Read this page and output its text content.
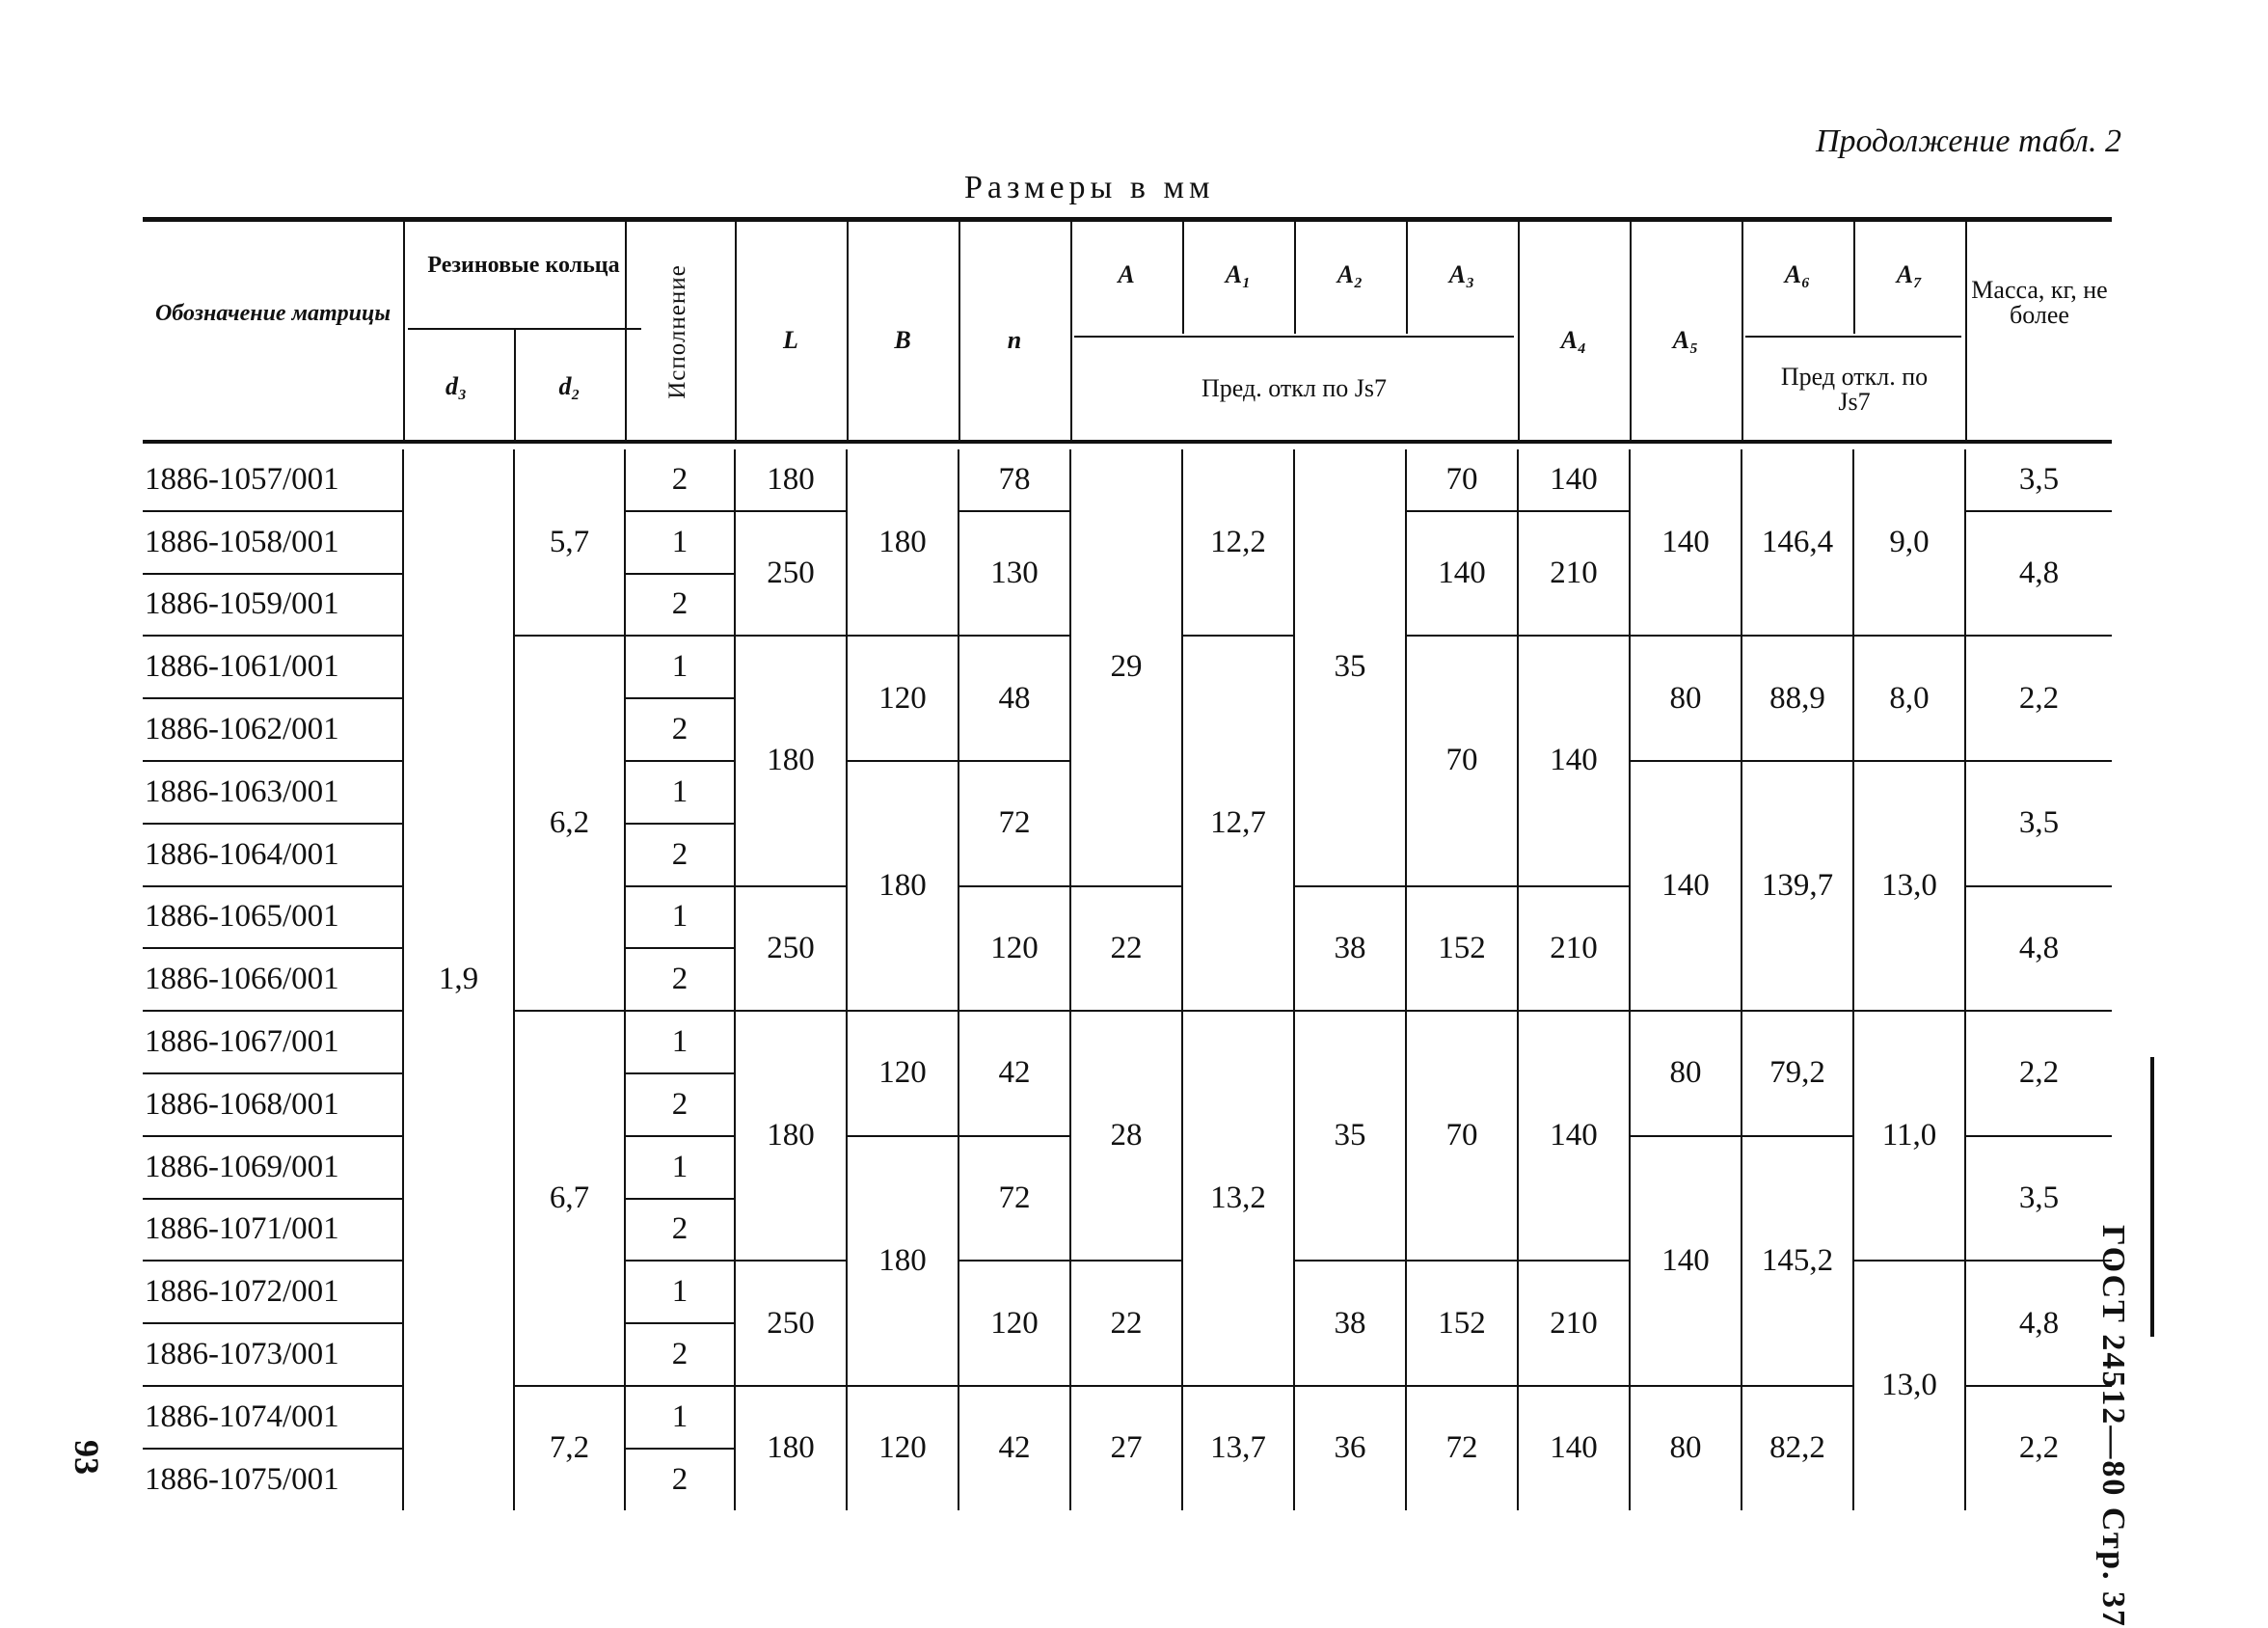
Продолжение табл. 2
Размеры в мм
Обозначение матрицы
Резиновые кольца
d₃	d₂	Исполнение	L	B	n
A	A₁	A₂	A₃
Пред. откл по Js7
A₄	A₅
A₆	A₇
Пред откл. по Js7
Масса, кг, не более
1886-1057/001	1,9	5,7	2	180	180	78	29	12,2	35	70	140	140	146,4	9,0	3,5
1886-1058/001			1	250		130				140	210				4,8
1886-1059/001			2												
1886-1061/001		6,2	1	180	120	48		12,7		70	140	80	88,9	8,0	2,2
1886-1062/001			2												
1886-1063/001			1		180	72						140	139,7	13,0	3,5
1886-1064/001			2												
1886-1065/001			1	250		120	22		38	152	210				4,8
1886-1066/001			2												
1886-1067/001		6,7	1	180	120	42	28	13,2	35	70	140	80	79,2	11,0	2,2
1886-1068/001			2												
1886-1069/001			1		180	72						140	145,2		3,5
1886-1071/001			2												
1886-1072/001			1	250		120	22		38	152	210			13,0	4,8
1886-1073/001			2												
1886-1074/001		7,2	1	180	120	42	27	13,7	36	72	140	80	82,2		2,2
1886-1075/001			2												
93	ГОСТ 24512—80 Стр. 37
